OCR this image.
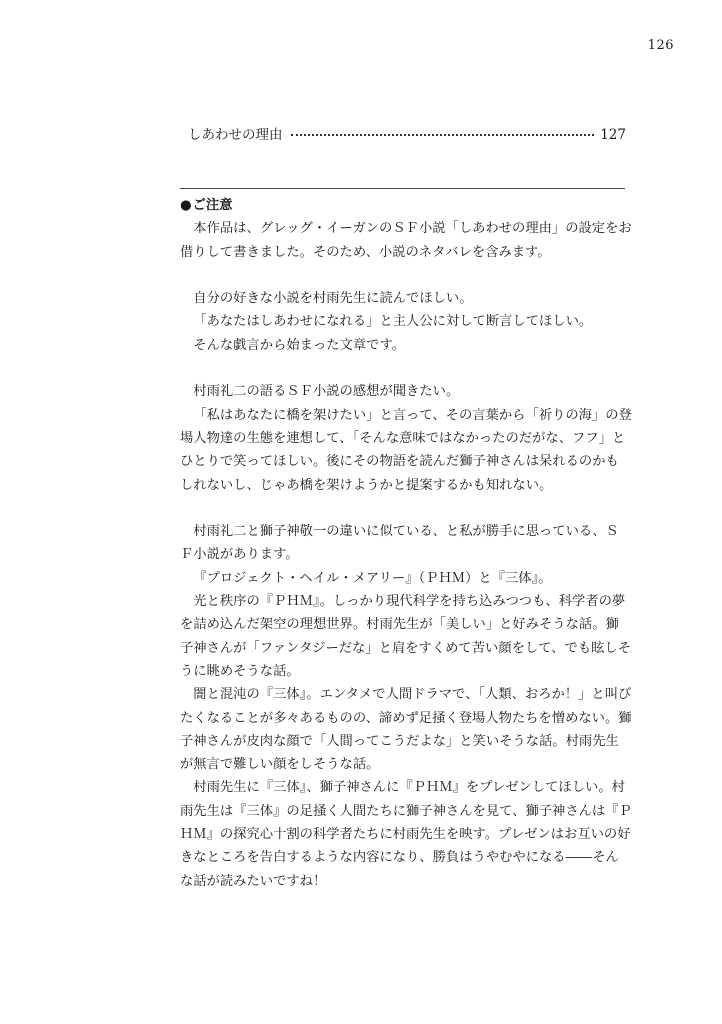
126
しあわせの理由	127

●ご注意

本作品は、グレッグ・イーガンのＳＦ小説「しあわせの理由」の設定をお借りして書きました。そのため、小説のネタバレを含みます。

自分の好きな小説を村雨先生に読んでほしい。

「あなたはしあわせになれる」と主人公に対して断言してほしい。

そんな戯言から始まった文章です。

村雨礼二の語るＳＦ小説の感想が聞きたい。

「私はあなたに橋を架けたい」と言って、その言葉から「祈りの海」の登場人物達の生態を連想して、「そんな意味ではなかったのだがな、フフ」とひとりで笑ってほしい。後にその物語を読んだ獅子神さんは呆れるのかもしれないし、じゃあ橋を架けようかと提案するかも知れない。

村雨礼二と獅子神敬一の違いに似ている、と私が勝手に思っている、ＳＦ小説があります。

『プロジェクト・ヘイル・メアリー』（ＰＨＭ）と『三体』。

光と秩序の『ＰＨＭ』。しっかり現代科学を持ち込みつつも、科学者の夢を詰め込んだ架空の理想世界。村雨先生が「美しい」と好みそうな話。獅子神さんが「ファンタジーだな」と肩をすくめて苦い顔をして、でも眩しそうに眺めそうな話。

闇と混沌の『三体』。エンタメで人間ドラマで、「人類、おろか！」と叫びたくなることが多々あるものの、諦めず足掻く登場人物たちを憎めない。獅子神さんが皮肉な顔で「人間ってこうだよな」と笑いそうな話。村雨先生が無言で難しい顔をしそうな話。

村雨先生に『三体』、獅子神さんに『ＰＨＭ』をプレゼンしてほしい。村雨先生は『三体』の足掻く人間たちに獅子神さんを見て、獅子神さんは『ＰＨＭ』の探究心十割の科学者たちに村雨先生を映す。プレゼンはお互いの好きなところを告白するような内容になり、勝負はうやむやになる――そんな話が読みたいですね！
